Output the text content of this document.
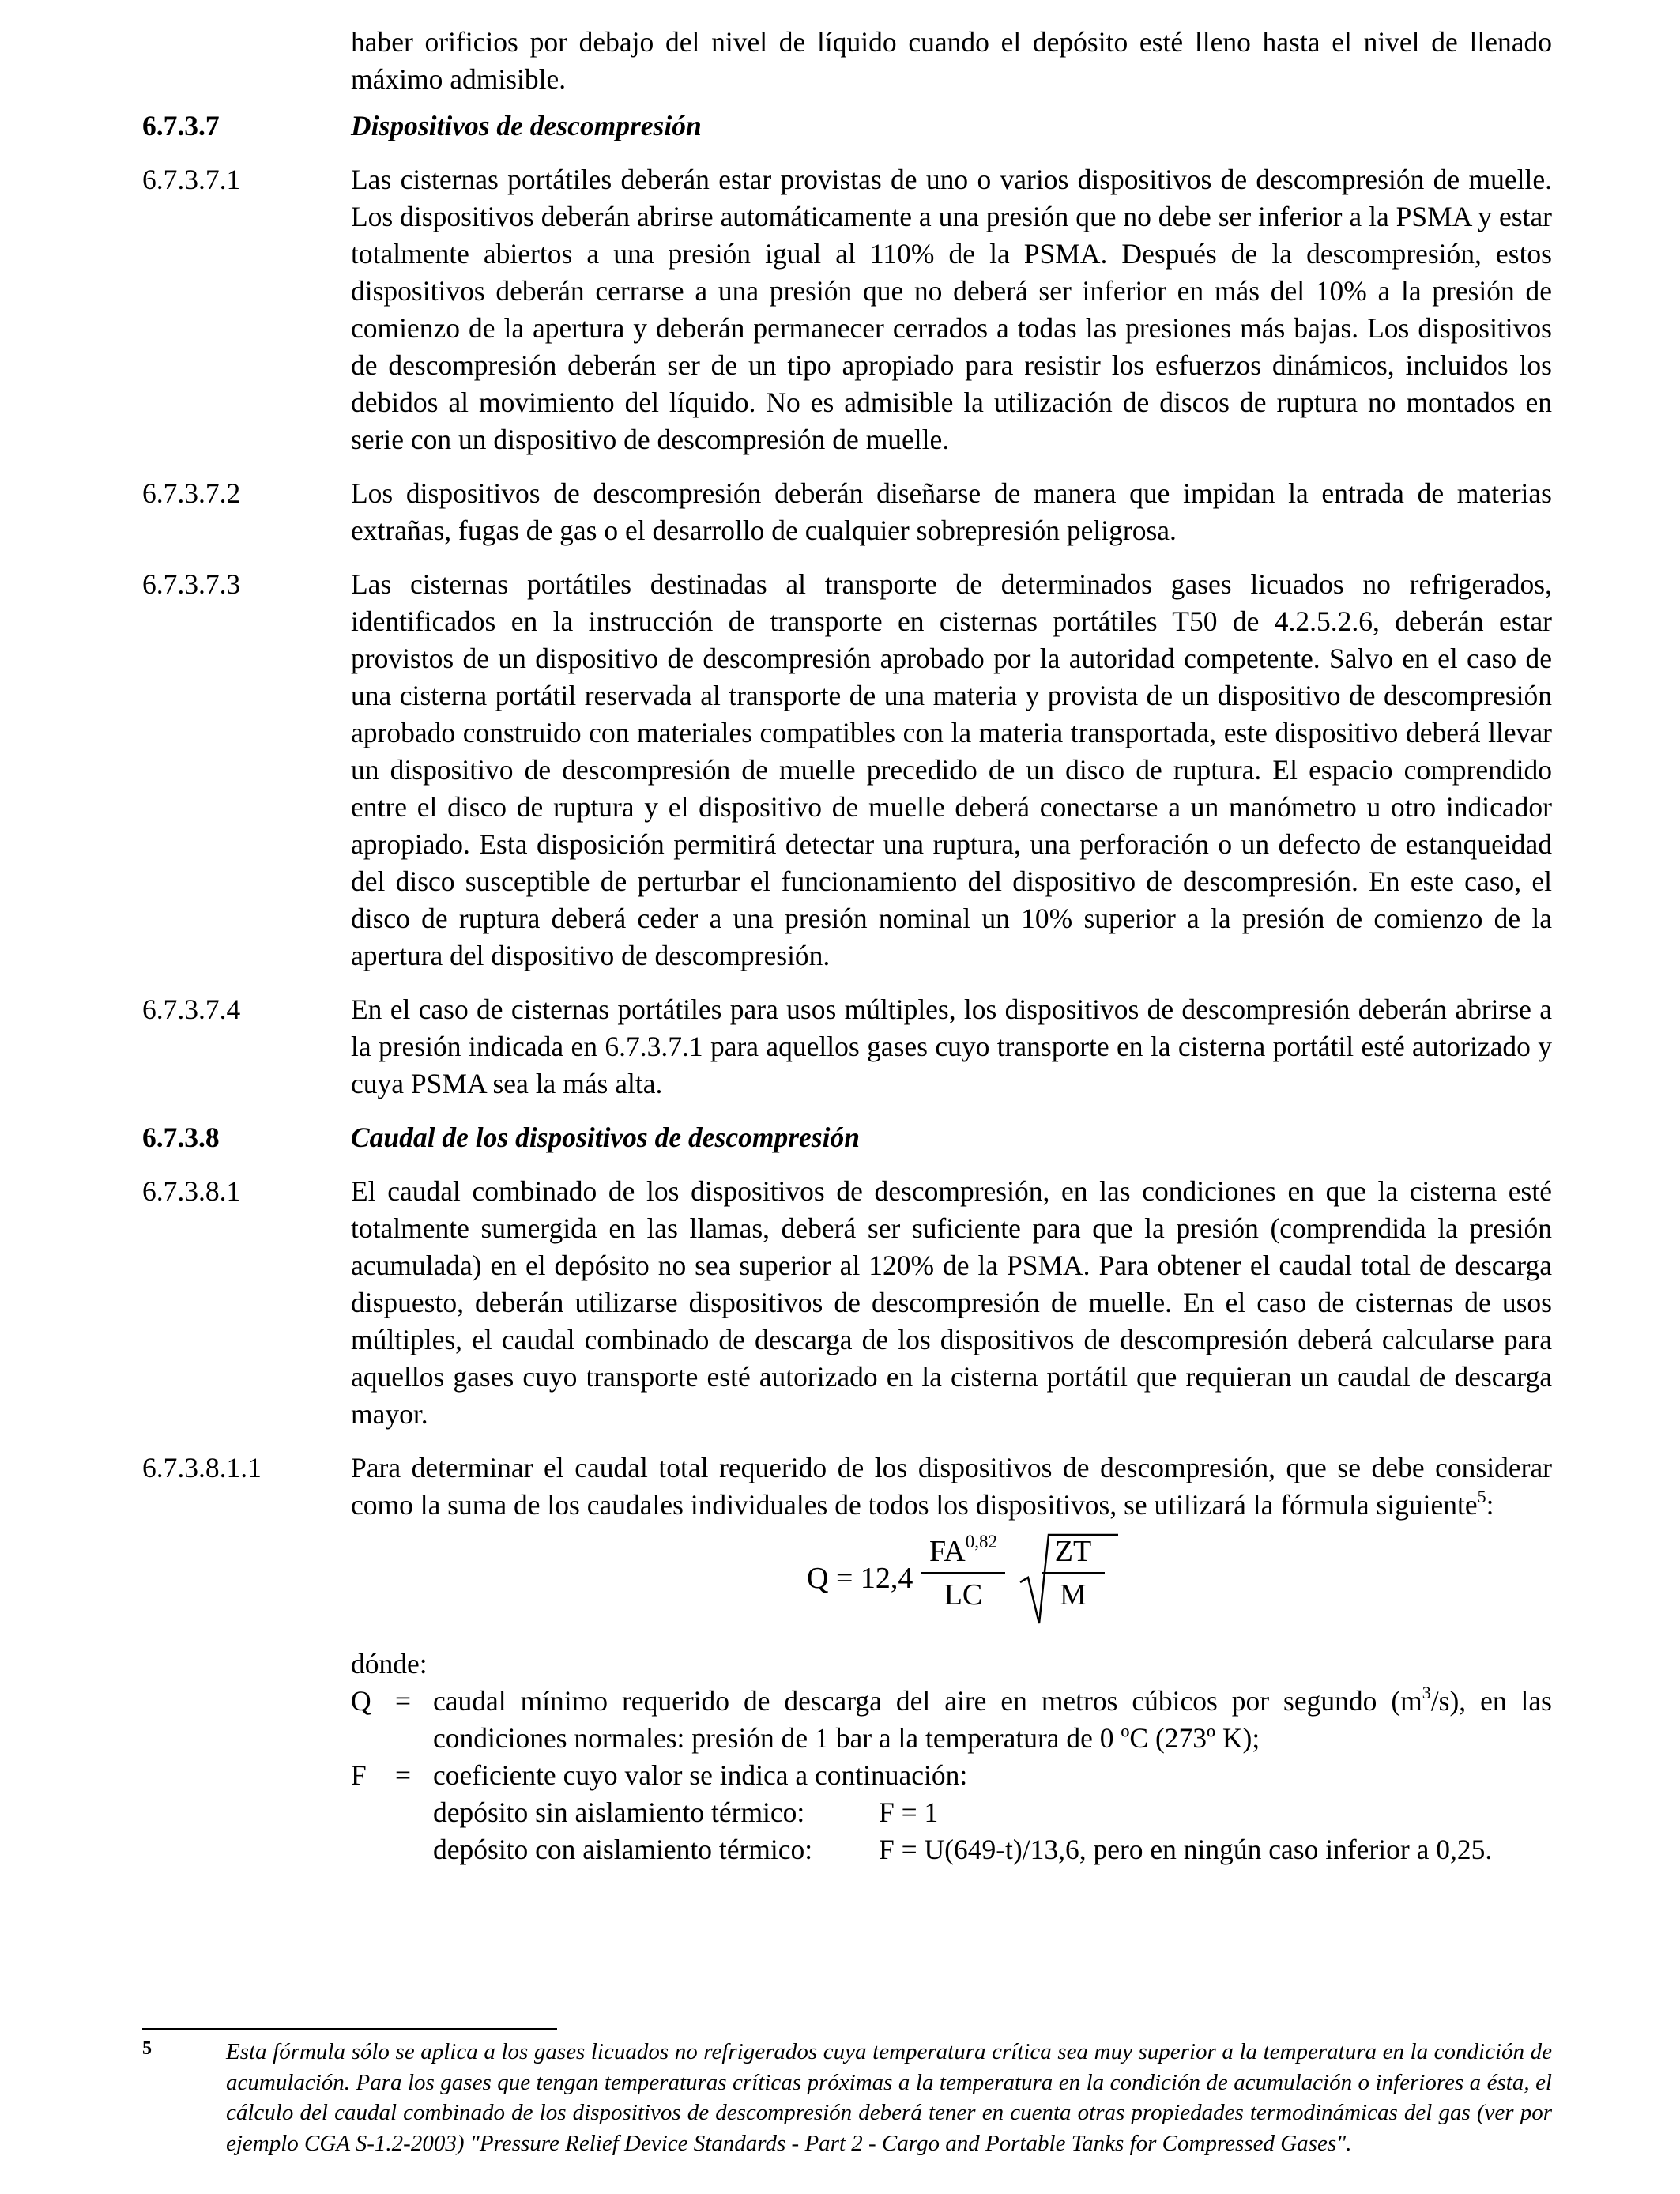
haber orificios por debajo del nivel de líquido cuando el depósito esté lleno hasta el nivel de llenado máximo admisible.
6.7.3.7	Dispositivos de descompresión
6.7.3.7.1	Las cisternas portátiles deberán estar provistas de uno o varios dispositivos de descompresión de muelle. Los dispositivos deberán abrirse automáticamente a una presión que no debe ser inferior a la PSMA y estar totalmente abiertos a una presión igual al 110% de la PSMA. Después de la descompresión, estos dispositivos deberán cerrarse a una presión que no deberá ser inferior en más del 10% a la presión de comienzo de la apertura y deberán permanecer cerrados a todas las presiones más bajas. Los dispositivos de descompresión deberán ser de un tipo apropiado para resistir los esfuerzos dinámicos, incluidos los debidos al movimiento del líquido. No es admisible la utilización de discos de ruptura no montados en serie con un dispositivo de descompresión de muelle.
6.7.3.7.2	Los dispositivos de descompresión deberán diseñarse de manera que impidan la entrada de materias extrañas, fugas de gas o el desarrollo de cualquier sobrepresión peligrosa.
6.7.3.7.3	Las cisternas portátiles destinadas al transporte de determinados gases licuados no refrigerados, identificados en la instrucción de transporte en cisternas portátiles T50 de 4.2.5.2.6, deberán estar provistos de un dispositivo de descompresión aprobado por la autoridad competente. Salvo en el caso de una cisterna portátil reservada al transporte de una materia y provista de un dispositivo de descompresión aprobado construido con materiales compatibles con la materia transportada, este dispositivo deberá llevar un dispositivo de descompresión de muelle precedido de un disco de ruptura. El espacio comprendido entre el disco de ruptura y el dispositivo de muelle deberá conectarse a un manómetro u otro indicador apropiado. Esta disposición permitirá detectar una ruptura, una perforación o un defecto de estanqueidad del disco susceptible de perturbar el funcionamiento del dispositivo de descompresión. En este caso, el disco de ruptura deberá ceder a una presión nominal un 10% superior a la presión de comienzo de la apertura del dispositivo de descompresión.
6.7.3.7.4	En el caso de cisternas portátiles para usos múltiples, los dispositivos de descompresión deberán abrirse a la presión indicada en 6.7.3.7.1 para aquellos gases cuyo transporte en la cisterna portátil esté autorizado y cuya PSMA sea la más alta.
6.7.3.8	Caudal de los dispositivos de descompresión
6.7.3.8.1	El caudal combinado de los dispositivos de descompresión, en las condiciones en que la cisterna esté totalmente sumergida en las llamas, deberá ser suficiente para que la presión (comprendida la presión acumulada) en el depósito no sea superior al 120% de la PSMA. Para obtener el caudal total de descarga dispuesto, deberán utilizarse dispositivos de descompresión de muelle. En el caso de cisternas de usos múltiples, el caudal combinado de descarga de los dispositivos de descompresión deberá calcularse para aquellos gases cuyo transporte esté autorizado en la cisterna portátil que requieran un caudal de descarga mayor.
6.7.3.8.1.1	Para determinar el caudal total requerido de los dispositivos de descompresión, que se debe considerar como la suma de los caudales individuales de todos los dispositivos, se utilizará la fórmula siguiente$^5$:
Q = 12,4
FA$^{0,82}$
LC
ZT
M
dónde:
Q = caudal mínimo requerido de descarga del aire en metros cúbicos por segundo $(m^3/s)$, en las condiciones normales: presión de 1 bar a la temperatura de 0 ºC (273º K);
F	= coeficiente cuyo valor se indica a continuación:
depósito sin aislamiento térmico:	F = 1
depósito con aislamiento térmico: F = U(649-t)/13,6, pero en ningún caso inferior a 0,25.
5	Esta fórmula sólo se aplica a los gases licuados no refrigerados cuya temperatura crítica sea muy superior a la temperatura en la condición de acumulación. Para los gases que tengan temperaturas críticas próximas a la temperatura en la condición de acumulación o inferiores a ésta, el cálculo del caudal combinado de los dispositivos de descompresión deberá tener en cuenta otras propiedades termodinámicas del gas (ver por ejemplo CGA S-1.2-2003) "Pressure Relief Device Standards - Part 2 - Cargo and Portable Tanks for Compressed Gases".
